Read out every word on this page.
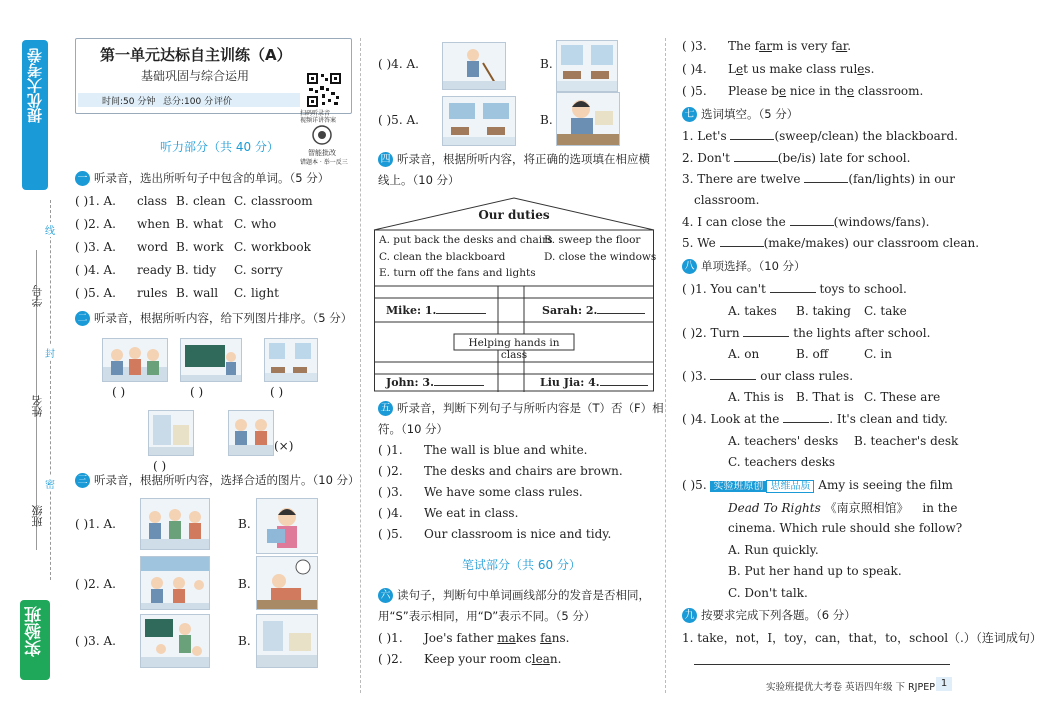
提优大考卷
实验班
学号
姓名
班级
线
封
密
第一单元达标自主训练（A）
基础巩固与综合运用
时间:50 分钟 总分:100 分 评价
扫码听录音
视频详讲答案
智能批改
错题本 · 举一反三
听力部分（共 40 分）
一 听录音，选出所听句子中包含的单词。（5 分）
( )1. A. class B. clean C. classroom
( )2. A. when B. what C. who
( )3. A. word B. work C. workbook
( )4. A. ready B. tidy C. sorry
( )5. A. rules B. wall C. light
二 听录音，根据所听内容，给下列图片排序。（5 分）
( )	( )	( )
( )
(×)
三 听录音，根据所听内容，选择合适的图片。（10 分）
( )1. A.	B.
( )2. A.	B.
( )3. A.	B.
( )4. A.	B.
( )5. A.	B.
四 听录音，根据所听内容，将正确的选项填在相应横
线上。（10 分）
Our duties
A. put back the desks and chairs
B. sweep the floor
C. clean the blackboard	D. close the windows
E. turn off the fans and lights
Mike: 1.	Sarah: 2.
Helping hands in class
John: 3.	Liu Jia: 4.
五 听录音，判断下列句子与所听内容是（T）否（F）相
符。（10 分）
( )1. The wall is blue and white.
( )2. The desks and chairs are brown.
( )3. We have some class rules.
( )4. We eat in class.
( )5. Our classroom is nice and tidy.
笔试部分（共 60 分）
六 读句子，判断句中单词画线部分的发音是否相同，
用“S”表示相同，用“D”表示不同。（5 分）
( )1. Joe's father makes fans.
( )2. Keep your room clean.
( )3. The farm is very far.
( )4. Let us make class rules.
( )5. Please be nice in the classroom.
七 选词填空。（5 分）
1. Let's	(sweep/clean) the blackboard.
2. Don't	(be/is) late for school.
3. There are twelve	(fan/lights) in our
classroom.
4. I can close the	(windows/fans).
5. We	(make/makes) our classroom clean.
八 单项选择。（10 分）
( )1. You can't	toys to school.
A. takes B. taking C. take
( )2. Turn	the lights after school.
A. on	B. off	C. in
( )3.	our class rules.
A. This is B. That is C. These are
( )4. Look at the	. It's clean and tidy.
A. teachers' desks B. teacher's desk
C. teachers desks
( )5. 实验班原创 思维品质 Amy is seeing the film
Dead To Rights 《南京照相馆》 in the
cinema. Which rule should she follow?
A. Run quickly.
B. Put her hand up to speak.
C. Don't talk.
九 按要求完成下列各题。（6 分）
1. take，not，I，toy，can，that，to，school（.）（连词成句）
实验班提优大考卷 英语四年级 下 RJPEP 1
